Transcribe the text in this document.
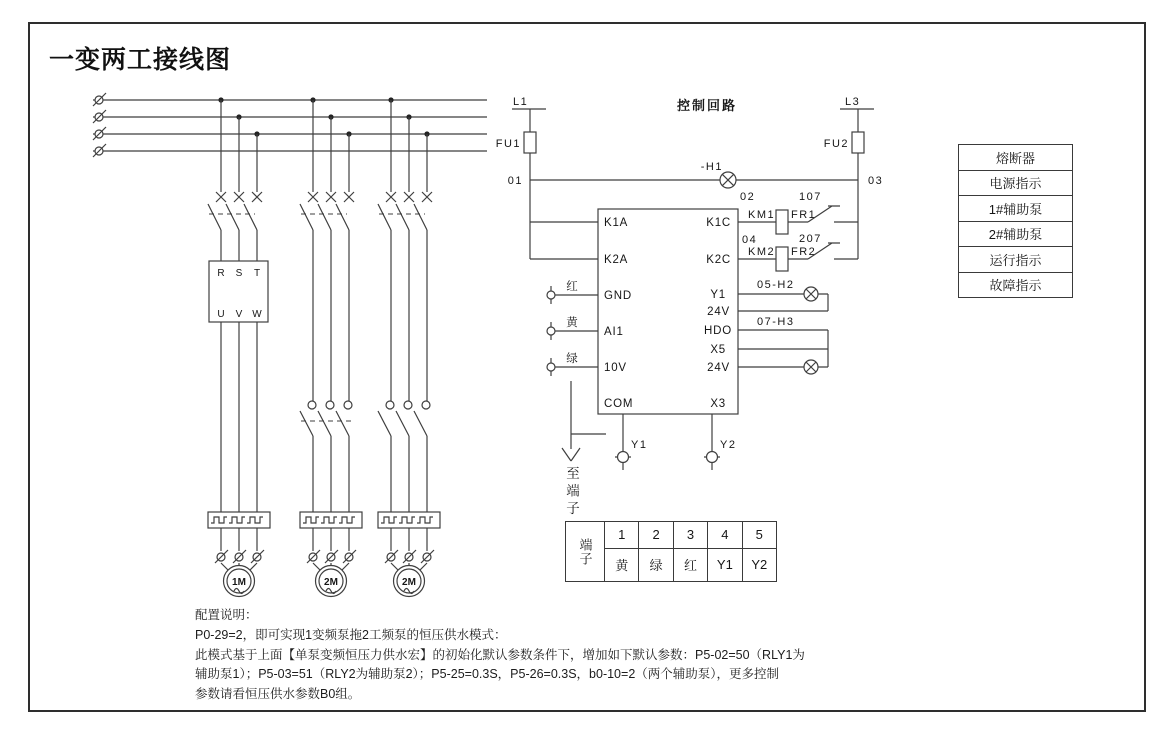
一变两工接线图
R S T
U V W
1M	2M	2M
控制回路
L1
FU1
01
L3
FU2
03
-H1
K1A
K2A
GND
AI1
10V
COM
K1C
K2C
Y1
24V
HDO
X5
24V
X3
02	107
KM1 FR1
04	207
KM2 FR2
05-H2
07-H3
红
黄
绿
Y1	Y2
至端子
熔断器
电源指示
1#辅助泵
2#辅助泵
运行指示
故障指示
端子	1	2	3	4	5
	黄	绿	红	Y1	Y2
配置说明：
P0-29=2，即可实现1变频泵拖2工频泵的恒压供水模式：
此模式基于上面【单泵变频恒压力供水宏】的初始化默认参数条件下，增加如下默认参数：P5-02=50（RLY1为
辅助泵1）；P5-03=51（RLY2为辅助泵2）；P5-25=0.3S，P5-26=0.3S，b0-10=2（两个辅助泵），更多控制
参数请看恒压供水参数B0组。
